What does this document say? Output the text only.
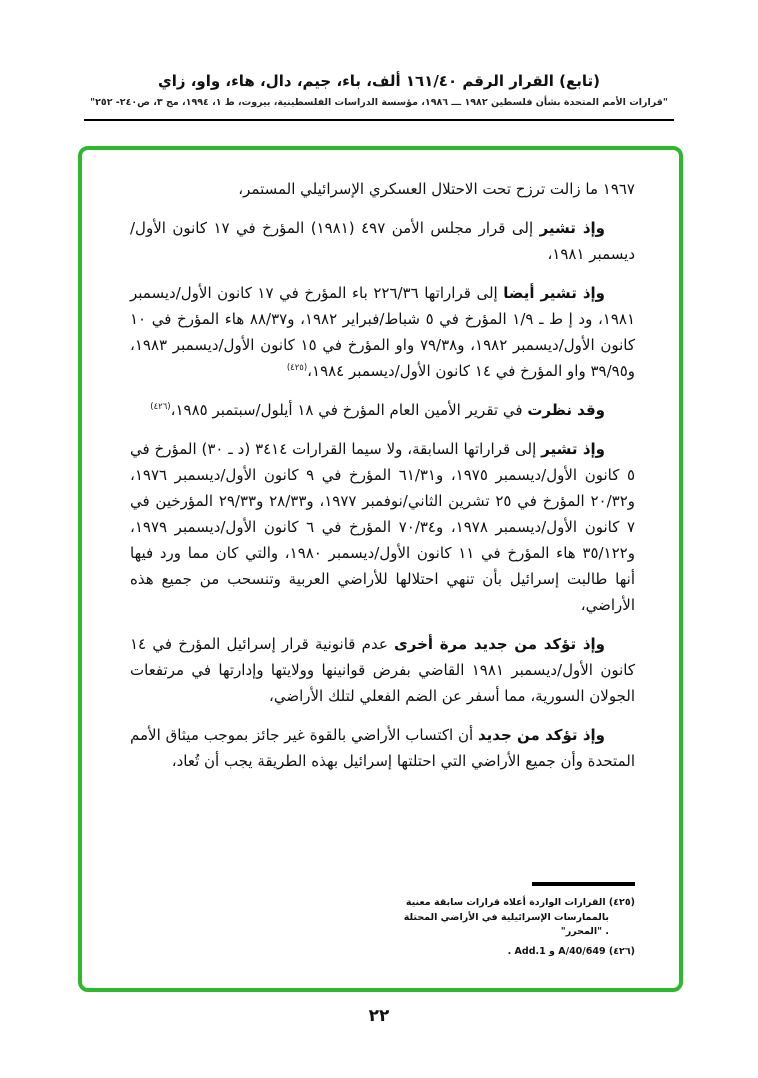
(تابع) القرار الرقم ١٦١/٤٠ ألف، باء، جيم، دال، هاء، واو، زاي
"قرارات الأمم المتحدة بشأن فلسطين ١٩٨٢ ـــ ١٩٨٦، مؤسسة الدراسات الفلسطينية، بيروت، ط ١، ١٩٩٤، مج ٣، ص٢٤٠- ٢٥٢"

١٩٦٧ ما زالت ترزح تحت الاحتلال العسكري الإسرائيلي المستمر،

وإذ تشير إلى قرار مجلس الأمن ٤٩٧ (١٩٨١) المؤرخ في ١٧ كانون الأول/ديسمبر ١٩٨١،

وإذ تشير أيضا إلى قراراتها ٢٢٦/٣٦ باء المؤرخ في ١٧ كانون الأول/ديسمبر ١٩٨١، ود إ ط ـ ١/٩ المؤرخ في ٥ شباط/فبراير ١٩٨٢، و٨٨/٣٧ هاء المؤرخ في ١٠ كانون الأول/ديسمبر ١٩٨٢، و٧٩/٣٨ واو المؤرخ في ١٥ كانون الأول/ديسمبر ١٩٨٣، و٣٩/٩٥ واو المؤرخ في ١٤ كانون الأول/ديسمبر ١٩٨٤،$^{(٤٢٥)}$

وقد نظرت في تقرير الأمين العام المؤرخ في ١٨ أيلول/سبتمبر ١٩٨٥،$^{(٤٢٦)}$

وإذ تشير إلى قراراتها السابقة، ولا سيما القرارات ٣٤١٤ (د ـ ٣٠) المؤرخ في ٥ كانون الأول/ديسمبر ١٩٧٥، و٦١/٣١ المؤرخ في ٩ كانون الأول/ديسمبر ١٩٧٦، و٢٠/٣٢ المؤرخ في ٢٥ تشرين الثاني/نوفمبر ١٩٧٧، و٢٨/٣٣ و٢٩/٣٣ المؤرخين في ٧ كانون الأول/ديسمبر ١٩٧٨، و٧٠/٣٤ المؤرخ في ٦ كانون الأول/ديسمبر ١٩٧٩، و٣٥/١٢٢ هاء المؤرخ في ١١ كانون الأول/ديسمبر ١٩٨٠، والتي كان مما ورد فيها أنها طالبت إسرائيل بأن تنهي احتلالها للأراضي العربية وتنسحب من جميع هذه الأراضي،

وإذ تؤكد من جديد مرة أخرى عدم قانونية قرار إسرائيل المؤرخ في ١٤ كانون الأول/ديسمبر ١٩٨١ القاضي بفرض قوانينها وولايتها وإدارتها في مرتفعات الجولان السورية، مما أسفر عن الضم الفعلي لتلك الأراضي،

وإذ تؤكد من جديد أن اكتساب الأراضي بالقوة غير جائز بموجب ميثاق الأمم المتحدة وأن جميع الأراضي التي احتلتها إسرائيل بهذه الطريقة يجب أن تُعاد،

(٤٢٥) القرارات الواردة أعلاه قرارات سابقة معنية بالممارسات الإسرائيلية في الأراضي المحتلة . "المحرر"
(٤٢٦) A/40/649 و Add.1 .
٢٢
